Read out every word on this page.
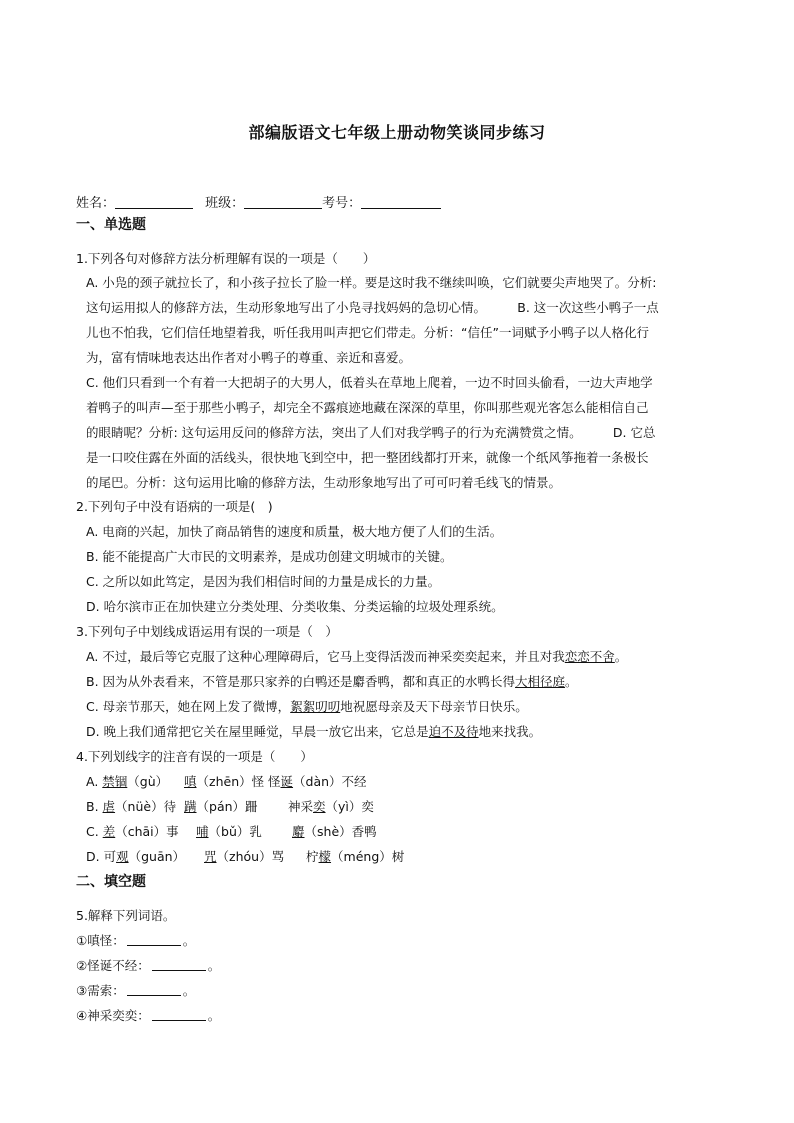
部编版语文七年级上册动物笑谈同步练习
姓名：	班级：	考号：
一、单选题
1.下列各句对修辞方法分析理解有误的一项是（　　）
A. 小凫的颈子就拉长了，和小孩子拉长了脸一样。要是这时我不继续叫唤，它们就要尖声地哭了。分析:
这句运用拟人的修辞方法，生动形象地写出了小凫寻找妈妈的急切心情。　　　B. 这一次这些小鸭子一点
儿也不怕我，它们信任地望着我，听任我用叫声把它们带走。分析：“信任”一词赋予小鸭子以人格化行
为，富有情味地表达出作者对小鸭子的尊重、亲近和喜爱。
C. 他们只看到一个有着一大把胡子的大男人，低着头在草地上爬着，一边不时回头偷看，一边大声地学
着鸭子的叫声—至于那些小鸭子，却完全不露痕迹地藏在深深的草里，你叫那些观光客怎么能相信自己
的眼睛呢？分析: 这句运用反问的修辞方法，突出了人们对我学鸭子的行为充满赞赏之情。　　　D. 它总
是一口咬住露在外面的活线头，很快地飞到空中，把一整团线都打开来，就像一个纸风筝拖着一条极长
的尾巴。分析：这句运用比喻的修辞方法，生动形象地写出了可可叼着毛线飞的情景。
2.下列句子中没有语病的一项是(　)
A. 电商的兴起，加快了商品销售的速度和质量，极大地方便了人们的生活。
B. 能不能提高广大市民的文明素养，是成功创建文明城市的关键。
C. 之所以如此笃定，是因为我们相信时间的力量是成长的力量。
D. 哈尔滨市正在加快建立分类处理、分类收集、分类运输的垃圾处理系统。
3.下列句子中划线成语运用有误的一项是（　）
A. 不过，最后等它克服了这种心理障碍后，它马上变得活泼而神采奕奕起来，并且对我恋恋不舍。
B. 因为从外表看来，不管是那只家养的白鸭还是麝香鸭，都和真正的水鸭长得大相径庭。
C. 母亲节那天，她在网上发了微博，絮絮叨叨地祝愿母亲及天下母亲节日快乐。
D. 晚上我们通常把它关在屋里睡觉，早晨一放它出来，它总是迫不及待地来找我。
4.下列划线字的注音有误的一项是（　　）
A. 禁锢（gù） 嗔（zhēn）怪 怪诞（dàn）不经
B. 虐（nüè）待 蹒（pán）跚 神采奕（yì）奕
C. 差（chāi）事 哺（bǔ）乳 麝（shè）香鸭
D. 可观（guān） 咒（zhóu）骂 柠檬（méng）树
二、填空题
5.解释下列词语。
①嗔怪：	。
②怪诞不经：	。
③需索：	。
④神采奕奕：	。
